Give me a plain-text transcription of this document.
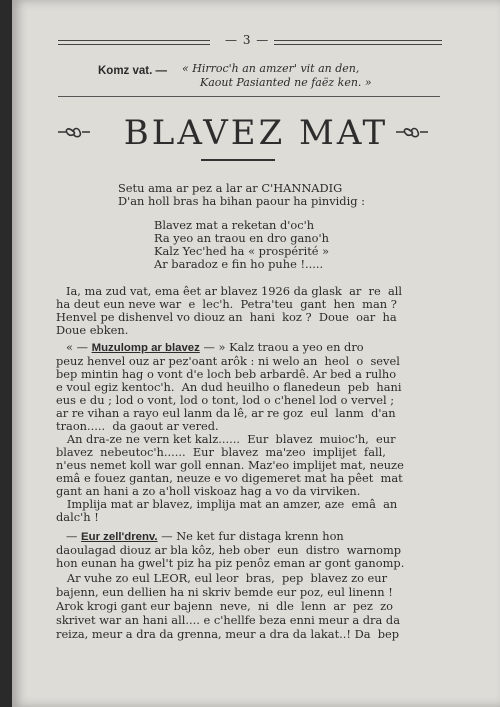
— 3 —
Komz vat. — « Hirroc'h an amzer' vit an den,
Kaout Pasianted ne faëz ken. »
BLAVEZ MAT
Setu ama ar pez a lar ar C'HANNADIG
D'an holl bras ha bihan paour ha pinvidig :
Blavez mat a reketan d'oc'h
Ra yeo an traou en dro gano'h
Kalz Yec'hed ha « prospérité »
Ar baradoz e fin ho puhe !.....
Ia, ma zud vat, ema êet ar blavez 1926 da glask  ar  re  all
ha deut eun neve war  e  lec'h.  Petra'teu  gant  hen  man ?
Henvel pe dishenvel vo diouz an  hani  koz ?  Doue  oar  ha
Doue ebken.
« — Muzulomp ar blavez — » Kalz traou a yeo en dro
peuz henvel ouz ar pez'oant arôk : ni welo an  heol  o  sevel
bep mintin hag o vont d'e loch beb arbardê. Ar bed a rulho
e voul egiz kentoc'h.  An dud heuilho o flanedeun  peb  hani
eus e du ; lod o vont, lod o tont, lod o c'henel lod o vervel ;
ar re vihan a rayo eul lanm da lê, ar re goz  eul  lanm  d'an
traon.....  da gaout ar vered.
An dra-ze ne vern ket kalz......  Eur  blavez  muioc'h,  eur
blavez  nebeutoc'h......  Eur  blavez  ma'zeo  implijet  fall,
n'eus nemet koll war goll ennan. Maz'eo implijet mat, neuze
emâ e fouez gantan, neuze e vo digemeret mat ha pêet  mat
gant an hani a zo a'holl viskoaz hag a vo da virviken.
Implija mat ar blavez, implija mat an amzer, aze  emâ  an
dalc'h !
— Eur zell'drenv. — Ne ket fur distaga krenn hon
daoulagad diouz ar bla kôz, heb ober  eun  distro  warnomp
hon eunan ha gwel't piz ha piz penôz eman ar gont ganomp.
Ar vuhe zo eul LEOR, eul leor  bras,  pep  blavez zo eur
bajenn, eun dellien ha ni skriv bemde eur poz, eul linenn !
Arok krogi gant eur bajenn  neve,  ni  dle  lenn  ar  pez  zo
skrivet war an hani all.... e c'hellfe beza enni meur a dra da
reiza, meur a dra da grenna, meur a dra da lakat..! Da  bep
